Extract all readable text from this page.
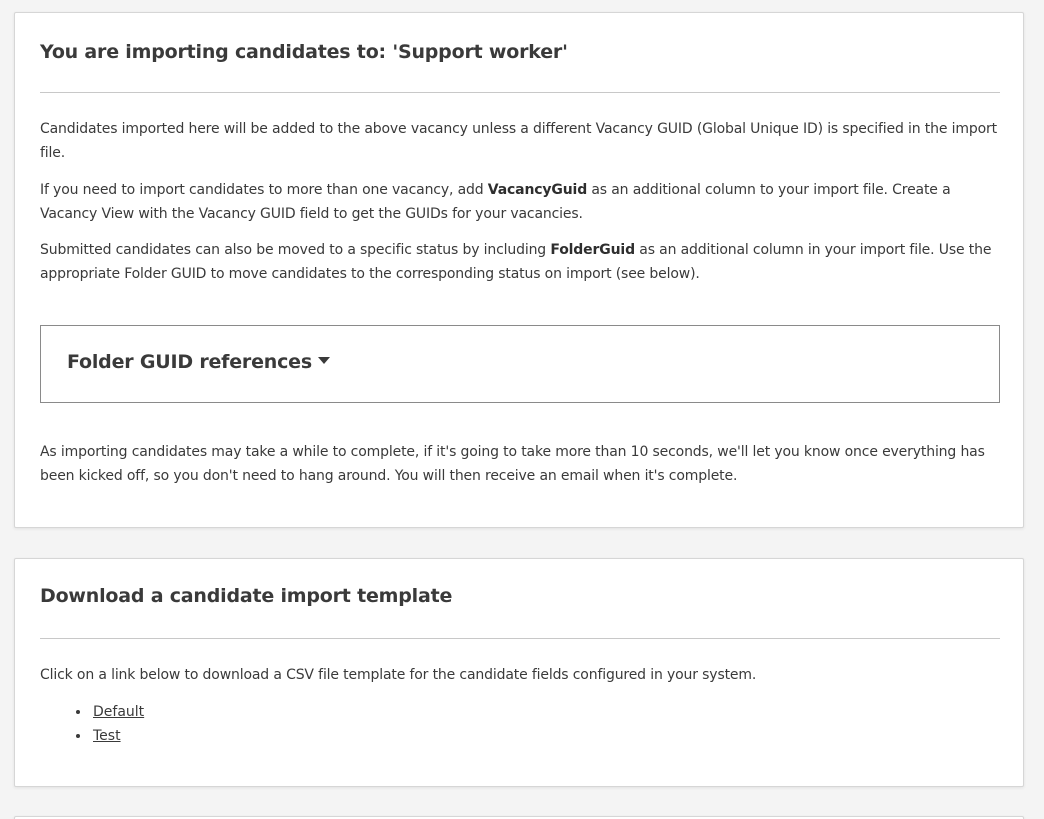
You are importing candidates to: 'Support worker'

Candidates imported here will be added to the above vacancy unless a different Vacancy GUID (Global Unique ID) is specified in the import file.

If you need to import candidates to more than one vacancy, add VacancyGuid as an additional column to your import file. Create a Vacancy View with the Vacancy GUID field to get the GUIDs for your vacancies.

Submitted candidates can also be moved to a specific status by including FolderGuid as an additional column in your import file. Use the appropriate Folder GUID to move candidates to the corresponding status on import (see below).

Folder GUID references

As importing candidates may take a while to complete, if it's going to take more than 10 seconds, we'll let you know once everything has been kicked off, so you don't need to hang around. You will then receive an email when it's complete.

Download a candidate import template

Click on a link below to download a CSV file template for the candidate fields configured in your system.

• Default
• Test
